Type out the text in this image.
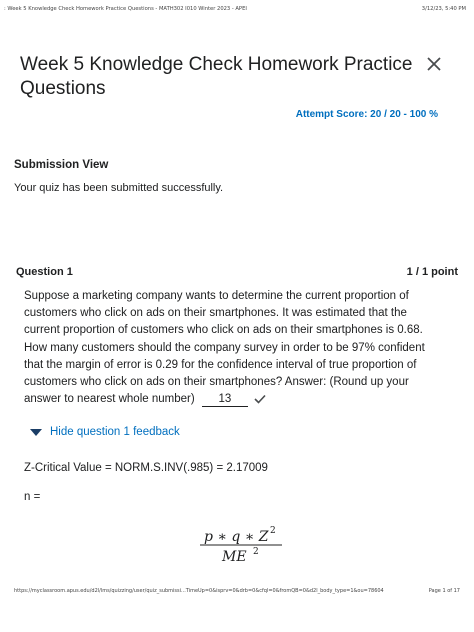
: Week 5 Knowledge Check Homework Practice Questions - MATH302 I010 Winter 2023 - APEI	3/12/23, 5:40 PM
Week 5 Knowledge Check Homework Practice Questions
Attempt Score: 20 / 20 - 100 %
Submission View
Your quiz has been submitted successfully.
Question 1	1 / 1 point
Suppose a marketing company wants to determine the current proportion of customers who click on ads on their smartphones. It was estimated that the current proportion of customers who click on ads on their smartphones is 0.68. How many customers should the company survey in order to be 97% confident that the margin of error is 0.29 for the confidence interval of true proportion of customers who click on ads on their smartphones? Answer: (Round up your answer to nearest whole number) 13
Hide question 1 feedback
Z-Critical Value = NORM.S.INV(.985) = 2.17009
n =
p ∗ q ∗ Z 2
ME 2
https://myclassroom.apus.edu/d2l/lms/quizzing/user/quiz_submissi...TimeUp=0&isprv=0&drb=0&cfql=0&fromQB=0&d2l_body_type=1&ou=78604	Page 1 of 17
